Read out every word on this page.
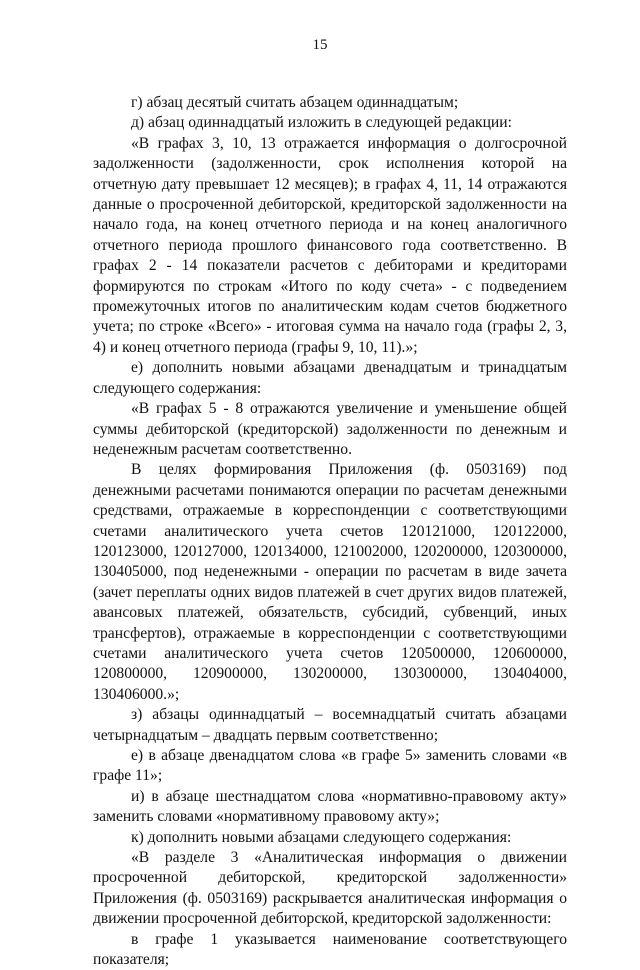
15

г) абзац десятый считать абзацем одиннадцатым;

д) абзац одиннадцатый изложить в следующей редакции:

«В графах 3, 10, 13 отражается информация о долгосрочной задолженности (задолженности, срок исполнения которой на отчетную дату превышает 12 месяцев); в графах 4, 11, 14 отражаются данные о просроченной дебиторской, кредиторской задолженности на начало года, на конец отчетного периода и на конец аналогичного отчетного периода прошлого финансового года соответственно. В графах 2 - 14 показатели расчетов с дебиторами и кредиторами формируются по строкам «Итого по коду счета» - с подведением промежуточных итогов по аналитическим кодам счетов бюджетного учета; по строке «Всего» - итоговая сумма на начало года (графы 2, 3, 4) и конец отчетного периода (графы 9, 10, 11).»;

е) дополнить новыми абзацами двенадцатым и тринадцатым следующего содержания:

«В графах 5 - 8 отражаются увеличение и уменьшение общей суммы дебиторской (кредиторской) задолженности по денежным и неденежным расчетам соответственно.

В целях формирования Приложения (ф. 0503169) под денежными расчетами понимаются операции по расчетам денежными средствами, отражаемые в корреспонденции с соответствующими счетами аналитического учета счетов 120121000, 120122000, 120123000, 120127000, 120134000, 121002000, 120200000, 120300000, 130405000, под неденежными - операции по расчетам в виде зачета (зачет переплаты одних видов платежей в счет других видов платежей, авансовых платежей, обязательств, субсидий, субвенций, иных трансфертов), отражаемые в корреспонденции с соответствующими счетами аналитического учета счетов 120500000, 120600000, 120800000, 120900000, 130200000, 130300000, 130404000, 130406000.»;

з) абзацы одиннадцатый – восемнадцатый считать абзацами четырнадцатым – двадцать первым соответственно;

е) в абзаце двенадцатом слова «в графе 5» заменить словами «в графе 11»;

и) в абзаце шестнадцатом слова «нормативно-правовому акту» заменить словами «нормативному правовому акту»;

к) дополнить новыми абзацами следующего содержания:

«В разделе 3 «Аналитическая информация о движении просроченной дебиторской, кредиторской задолженности» Приложения (ф. 0503169) раскрывается аналитическая информация о движении просроченной дебиторской, кредиторской задолженности:

в графе 1 указывается наименование соответствующего показателя;
